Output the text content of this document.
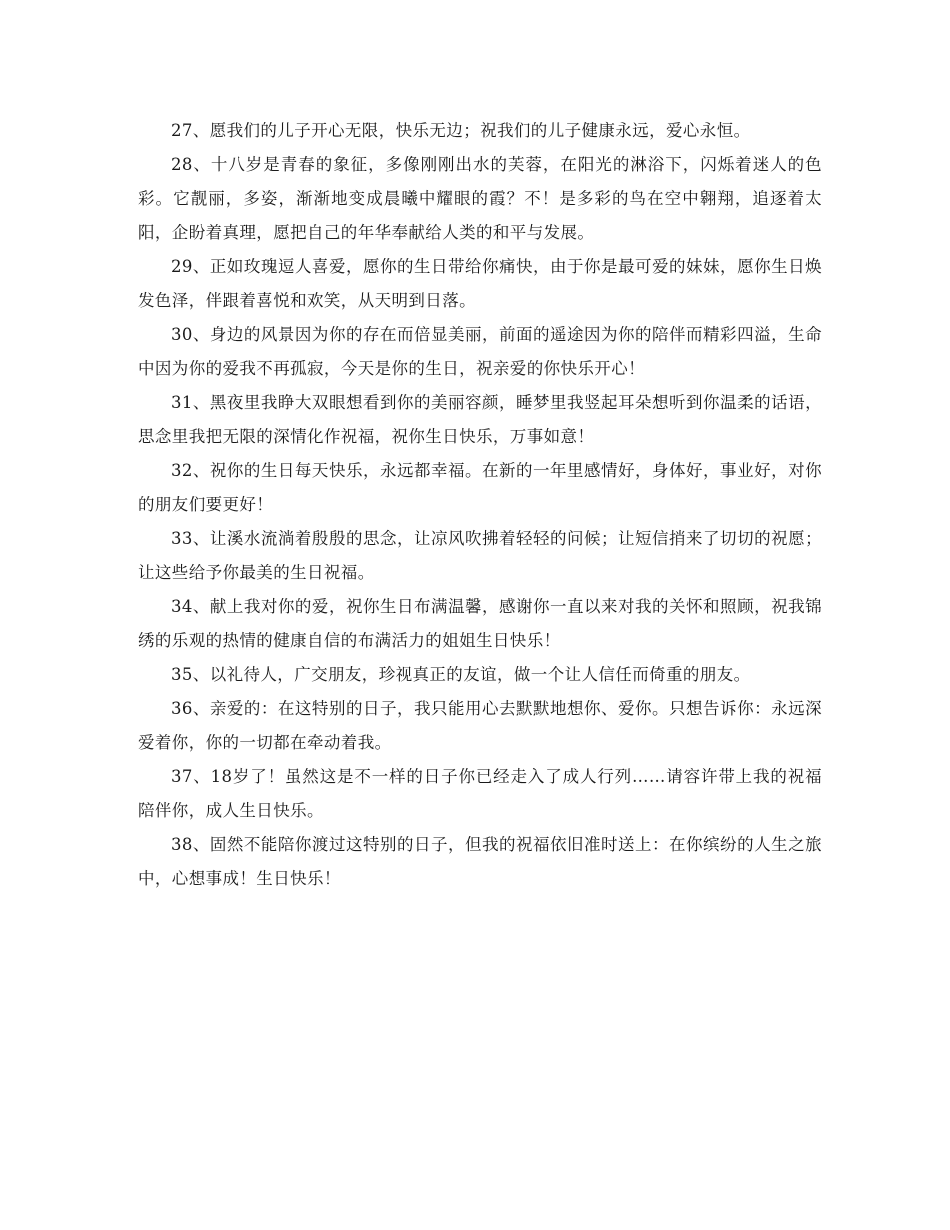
27、愿我们的儿子开心无限，快乐无边；祝我们的儿子健康永远，爱心永恒。

28、十八岁是青春的象征，多像刚刚出水的芙蓉，在阳光的淋浴下，闪烁着迷人的色彩。它靓丽，多姿，渐渐地变成晨曦中耀眼的霞？不！是多彩的鸟在空中翱翔，追逐着太阳，企盼着真理，愿把自己的年华奉献给人类的和平与发展。

29、正如玫瑰逗人喜爱，愿你的生日带给你痛快，由于你是最可爱的妹妹，愿你生日焕发色泽，伴跟着喜悦和欢笑，从天明到日落。

30、身边的风景因为你的存在而倍显美丽，前面的遥途因为你的陪伴而精彩四溢，生命中因为你的爱我不再孤寂，今天是你的生日，祝亲爱的你快乐开心！

31、黑夜里我睁大双眼想看到你的美丽容颜，睡梦里我竖起耳朵想听到你温柔的话语，思念里我把无限的深情化作祝福，祝你生日快乐，万事如意！

32、祝你的生日每天快乐，永远都幸福。在新的一年里感情好，身体好，事业好，对你的朋友们要更好！

33、让溪水流淌着殷殷的思念，让凉风吹拂着轻轻的问候；让短信捎来了切切的祝愿；让这些给予你最美的生日祝福。

34、献上我对你的爱，祝你生日布满温馨，感谢你一直以来对我的关怀和照顾，祝我锦绣的乐观的热情的健康自信的布满活力的姐姐生日快乐！

35、以礼待人，广交朋友，珍视真正的友谊，做一个让人信任而倚重的朋友。

36、亲爱的：在这特别的日子，我只能用心去默默地想你、爱你。只想告诉你：永远深爱着你，你的一切都在牵动着我。

37、18岁了！虽然这是不一样的日子你已经走入了成人行列……请容许带上我的祝福陪伴你，成人生日快乐。

38、固然不能陪你渡过这特别的日子，但我的祝福依旧准时送上：在你缤纷的人生之旅中，心想事成！生日快乐！
